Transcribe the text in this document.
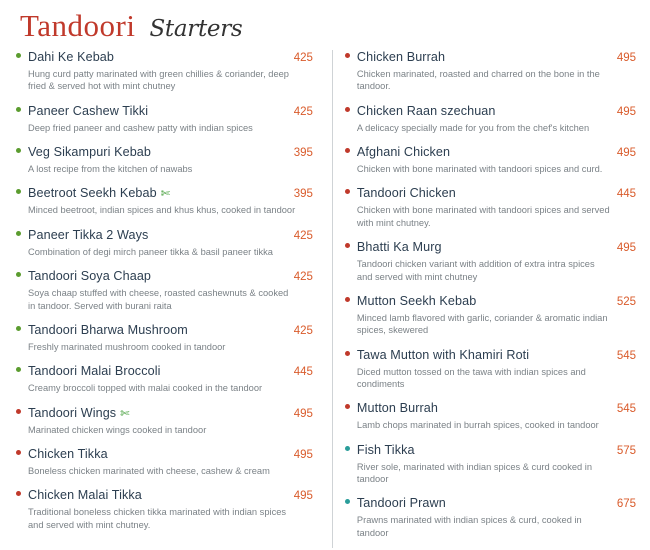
Tandoori Starters
Dahi Ke Kebab	425
Hung curd patty marinated with green chillies & coriander, deep fried & served hot with mint chutney
Paneer Cashew Tikki	425
Deep fried paneer and cashew patty with indian spices
Veg Sikampuri Kebab	395
A lost recipe from the kitchen of nawabs
Beetroot Seekh Kebab ✄	395
Minced beetroot, indian spices and khus khus, cooked in tandoor
Paneer Tikka 2 Ways	425
Combination of degi mirch paneer tikka & basil paneer tikka
Tandoori Soya Chaap	425
Soya chaap stuffed with cheese, roasted cashewnuts & cooked in tandoor. Served with burani raita
Tandoori Bharwa Mushroom	425
Freshly marinated mushroom cooked in tandoor
Tandoori Malai Broccoli	445
Creamy broccoli topped with malai cooked in the tandoor
Tandoori Wings ✄	495
Marinated chicken wings cooked in tandoor
Chicken Tikka	495
Boneless chicken marinated with cheese, cashew & cream
Chicken Malai Tikka	495
Traditional boneless chicken tikka marinated with indian spices and served with mint chutney.
Chicken Burrah	495
Chicken marinated, roasted and charred on the bone in the tandoor.
Chicken Raan szechuan	495
A delicacy specially made for you from the chef's kitchen
Afghani Chicken	495
Chicken with bone marinated with tandoori spices and curd.
Tandoori Chicken	445
Chicken with bone marinated with tandoori spices and served with mint chutney.
Bhatti Ka Murg	495
Tandoori chicken variant with addition of extra intra spices and served with mint chutney
Mutton Seekh Kebab	525
Minced lamb flavored with garlic, coriander & aromatic indian spices, skewered
Tawa Mutton with Khamiri Roti	545
Diced mutton tossed on the tawa with indian spices and condiments
Mutton Burrah	545
Lamb chops marinated in burrah spices, cooked in tandoor
Fish Tikka	575
River sole, marinated with indian spices & curd cooked in tandoor
Tandoori Prawn	675
Prawns marinated with indian spices & curd, cooked in tandoor
